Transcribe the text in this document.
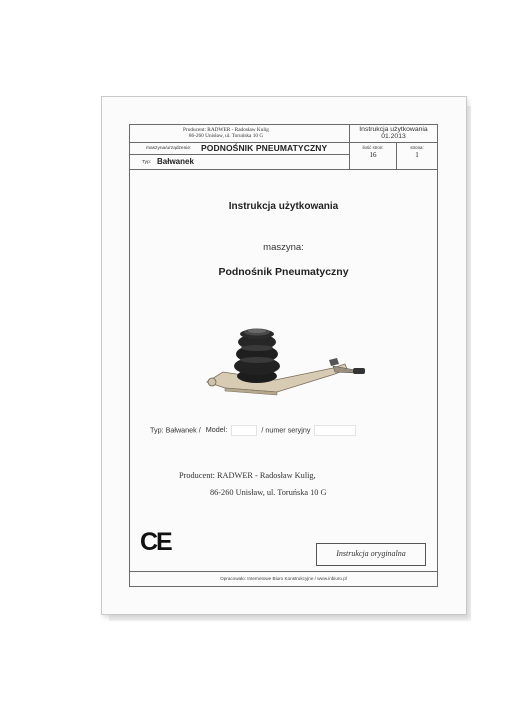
Producent: RADWER - Radosław Kulig
86-260 Unisław, ul. Toruńska 10 G
maszyna/urządzenie: PODNOŚNIK PNEUMATYCZNY
Typ: Bałwanek
Instrukcja użytkowania
01.2013
ilość stron:
16
strona:
1
Instrukcja użytkowania
maszyna:
Podnośnik Pneumatyczny
Typ: Bałwanek / Model:	/ numer seryjny
Producent: RADWER - Radosław Kulig,
86-260 Unisław, ul. Toruńska 10 G
CE	Instrukcja oryginalna
Opracowało: Internetowe Biuro Konstrukcyjne / www.inbiuro.pl
